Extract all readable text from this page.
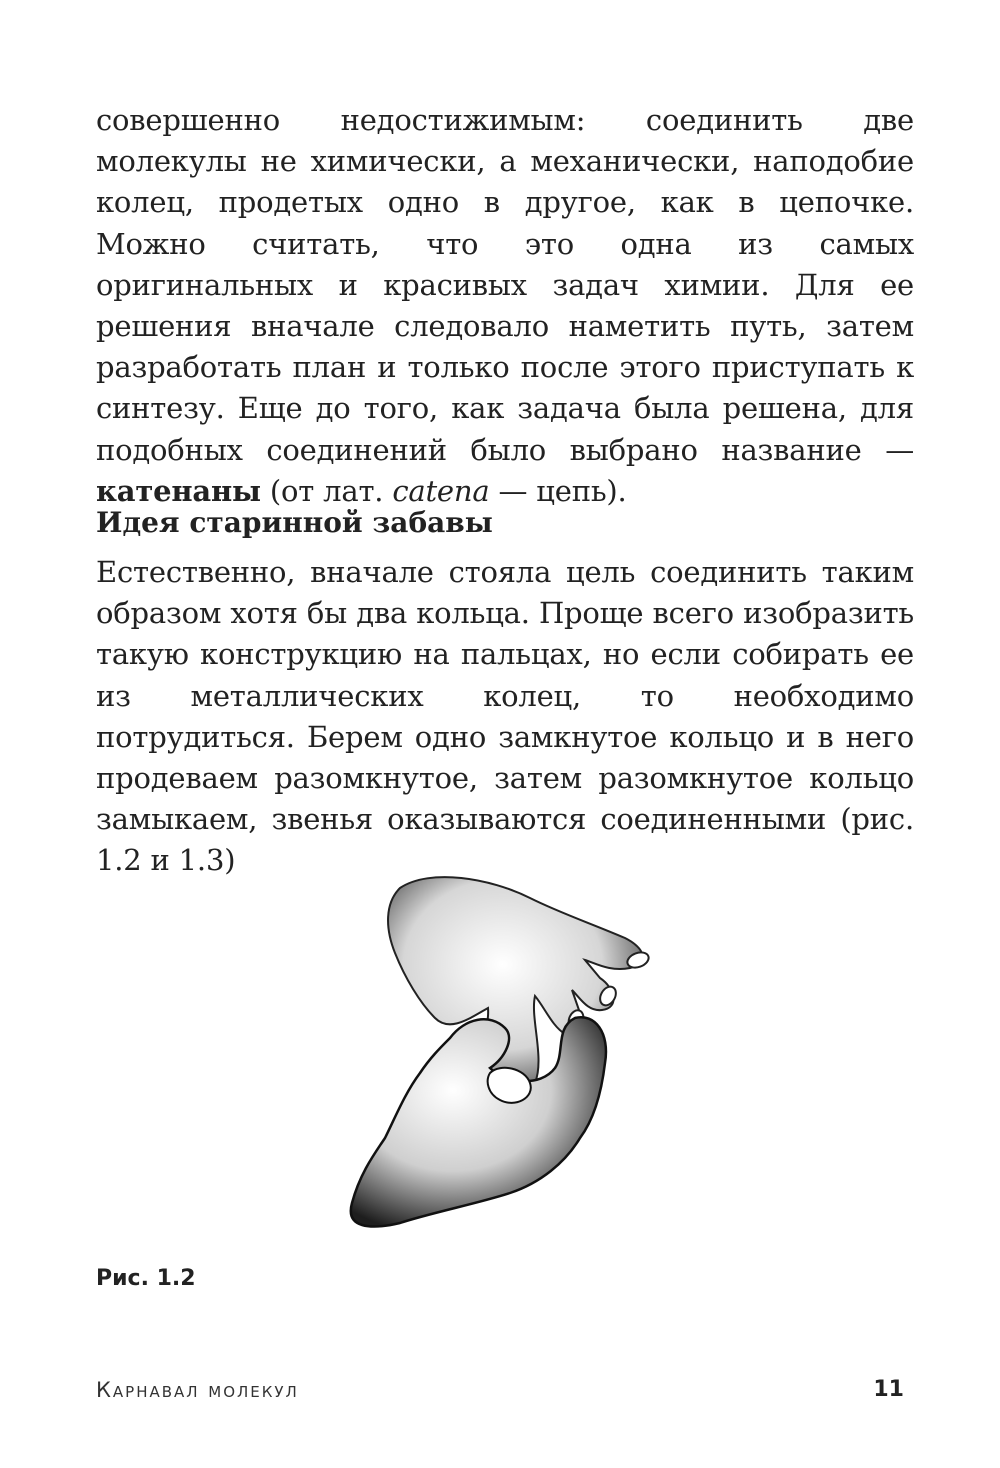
совершенно недостижимым: соединить две молекулы не химически, а механически, наподобие колец, продетых одно в другое, как в цепочке. Можно считать, что это одна из самых оригинальных и красивых задач химии. Для ее решения вначале следовало наметить путь, затем разработать план и только после этого приступать к синтезу. Еще до того, как задача была решена, для подобных соединений было выбрано название — катенаны (от лат. catena — цепь).

Идея старинной забавы

Естественно, вначале стояла цель соединить таким образом хотя бы два кольца. Проще всего изобразить такую конструкцию на пальцах, но если собирать ее из металлических колец, то необходимо потрудиться. Берем одно замкнутое кольцо и в него продеваем разомкнутое, затем разомкнутое кольцо замыкаем, звенья оказываются соединенными (рис. 1.2 и 1.3)

Рис. 1.2

Карнавал молекул	11
